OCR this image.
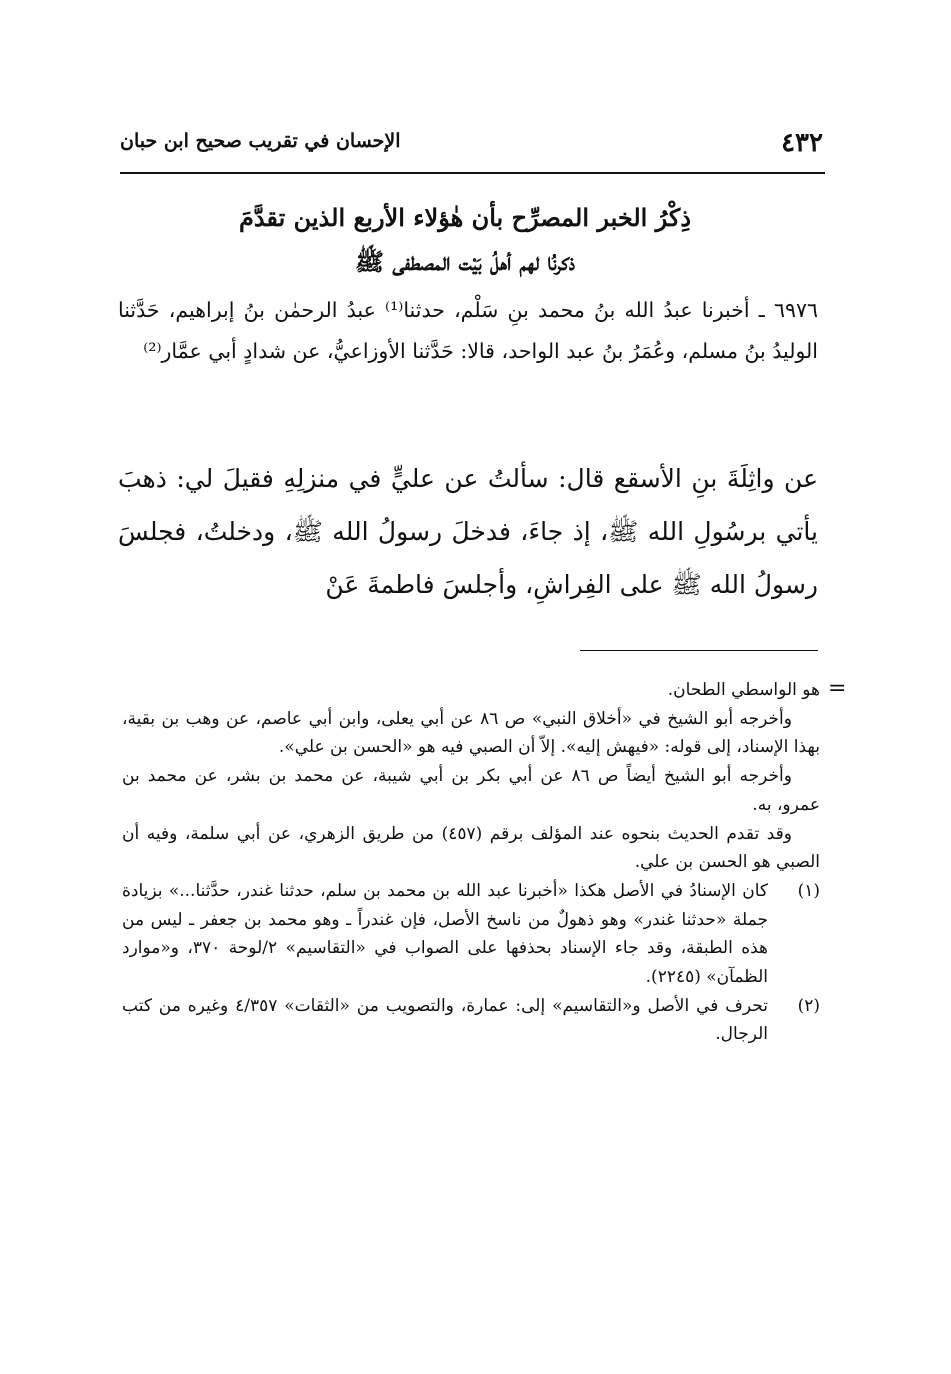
٤٣٢
الإحسان في تقريب صحيح ابن حبان
ذِكْرُ الخبر المصرِّح بأن هٰؤلاء الأربع الذين تقدَّمَ
ذكرنُا لهم أهلُ بَيْت المصطفى ﷺ

٦٩٧٦ ـ أخبرنا عبدُ الله بنُ محمد بنِ سَلْم، حدثنا⁽¹⁾ عبدُ الرحمٰن بنُ إبراهيم، حَدَّثنا الوليدُ بنُ مسلم، وعُمَرُ بنُ عبد الواحد، قالا: حَدَّثنا الأوزاعيُّ، عن شدادٍ أبي عمَّار⁽²⁾

عن واثِلَةَ بنِ الأسقع قال: سألتُ عن عليٍّ في منزلِهِ فقيلَ لي: ذهبَ يأتي برسُولِ الله ﷺ، إذ جاءَ، فدخلَ رسولُ الله ﷺ، ودخلتُ، فجلسَ رسولُ الله ﷺ على الفِراشِ، وأجلسَ فاطمةَ عَنْ

=

هو الواسطي الطحان.

وأخرجه أبو الشيخ في «أخلاق النبي» ص ٨٦ عن أبي يعلى، وابن أبي عاصم، عن وهب بن بقية، بهذا الإسناد، إلى قوله: «فيهش إليه». إلاّ أن الصبي فيه هو «الحسن بن علي».

وأخرجه أبو الشيخ أيضاً ص ٨٦ عن أبي بكر بن أبي شيبة، عن محمد بن بشر، عن محمد بن عمرو، به.

وقد تقدم الحديث بنحوه عند المؤلف برقم (٤٥٧) من طريق الزهري، عن أبي سلمة، وفيه أن الصبي هو الحسن بن علي.

(١)
كان الإسنادُ في الأصل هكذا «أخبرنا عبد الله بن محمد بن سلم، حدثنا غندر، حدَّثنا...» بزيادة جملة «حدثنا غندر» وهو ذهولٌ من ناسخ الأصل، فإن غندراً ـ وهو محمد بن جعفر ـ ليس من هذه الطبقة، وقد جاء الإسناد بحذفها على الصواب في «التقاسيم» ٢/لوحة ٣٧٠، و«موارد الظمآن» (٢٢٤٥).
(٢)
تحرف في الأصل و«التقاسيم» إلى: عمارة، والتصويب من «الثقات» ٤/٣٥٧ وغيره من كتب الرجال.
